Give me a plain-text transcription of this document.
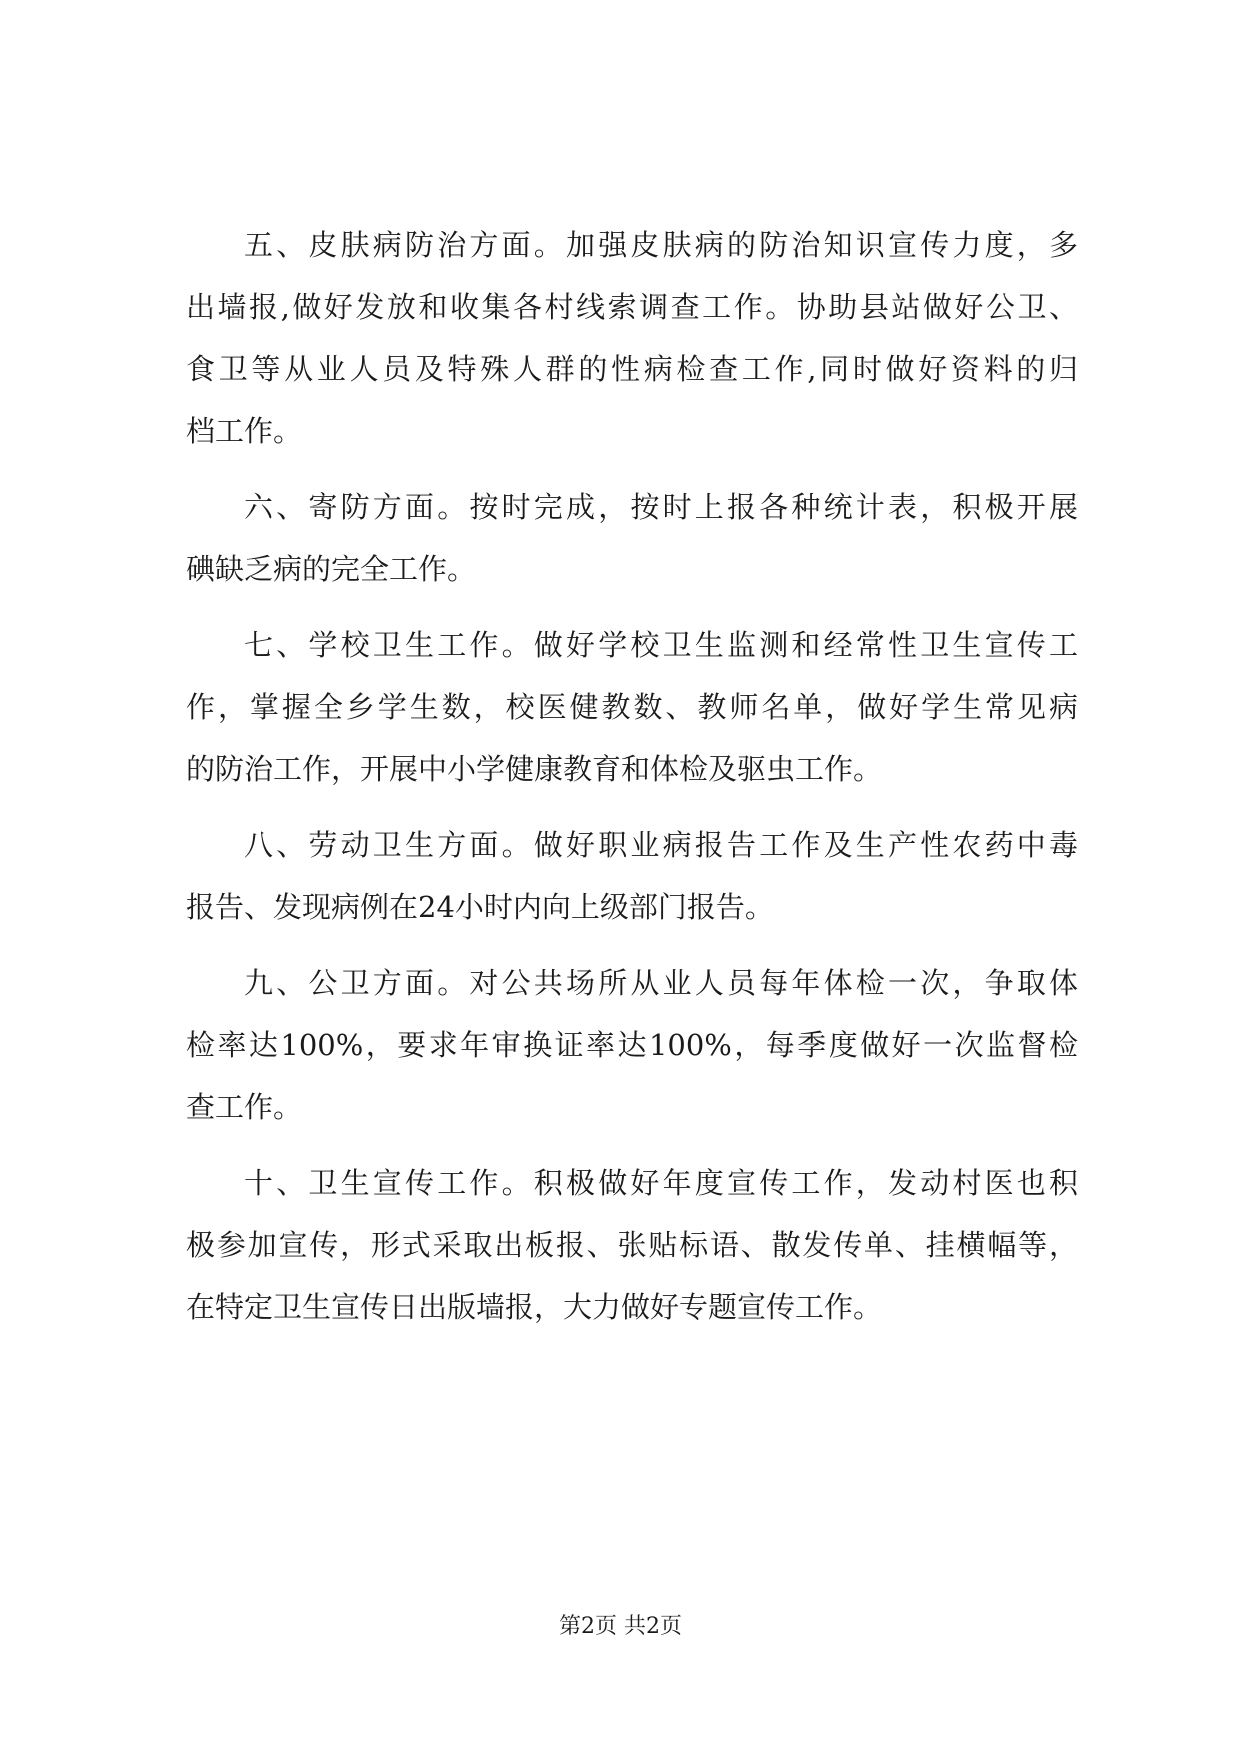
五、皮肤病防治方面。加强皮肤病的防治知识宣传力度，多
出墙报,做好发放和收集各村线索调查工作。协助县站做好公卫、
食卫等从业人员及特殊人群的性病检查工作,同时做好资料的归
档工作。
六、寄防方面。按时完成，按时上报各种统计表，积极开展
碘缺乏病的完全工作。
七、学校卫生工作。做好学校卫生监测和经常性卫生宣传工
作，掌握全乡学生数，校医健教数、教师名单，做好学生常见病
的防治工作，开展中小学健康教育和体检及驱虫工作。
八、劳动卫生方面。做好职业病报告工作及生产性农药中毒
报告、发现病例在24小时内向上级部门报告。
九、公卫方面。对公共场所从业人员每年体检一次，争取体
检率达100%，要求年审换证率达100%，每季度做好一次监督检
查工作。
十、卫生宣传工作。积极做好年度宣传工作，发动村医也积
极参加宣传，形式采取出板报、张贴标语、散发传单、挂横幅等，
在特定卫生宣传日出版墙报，大力做好专题宣传工作。
第2页 共2页
